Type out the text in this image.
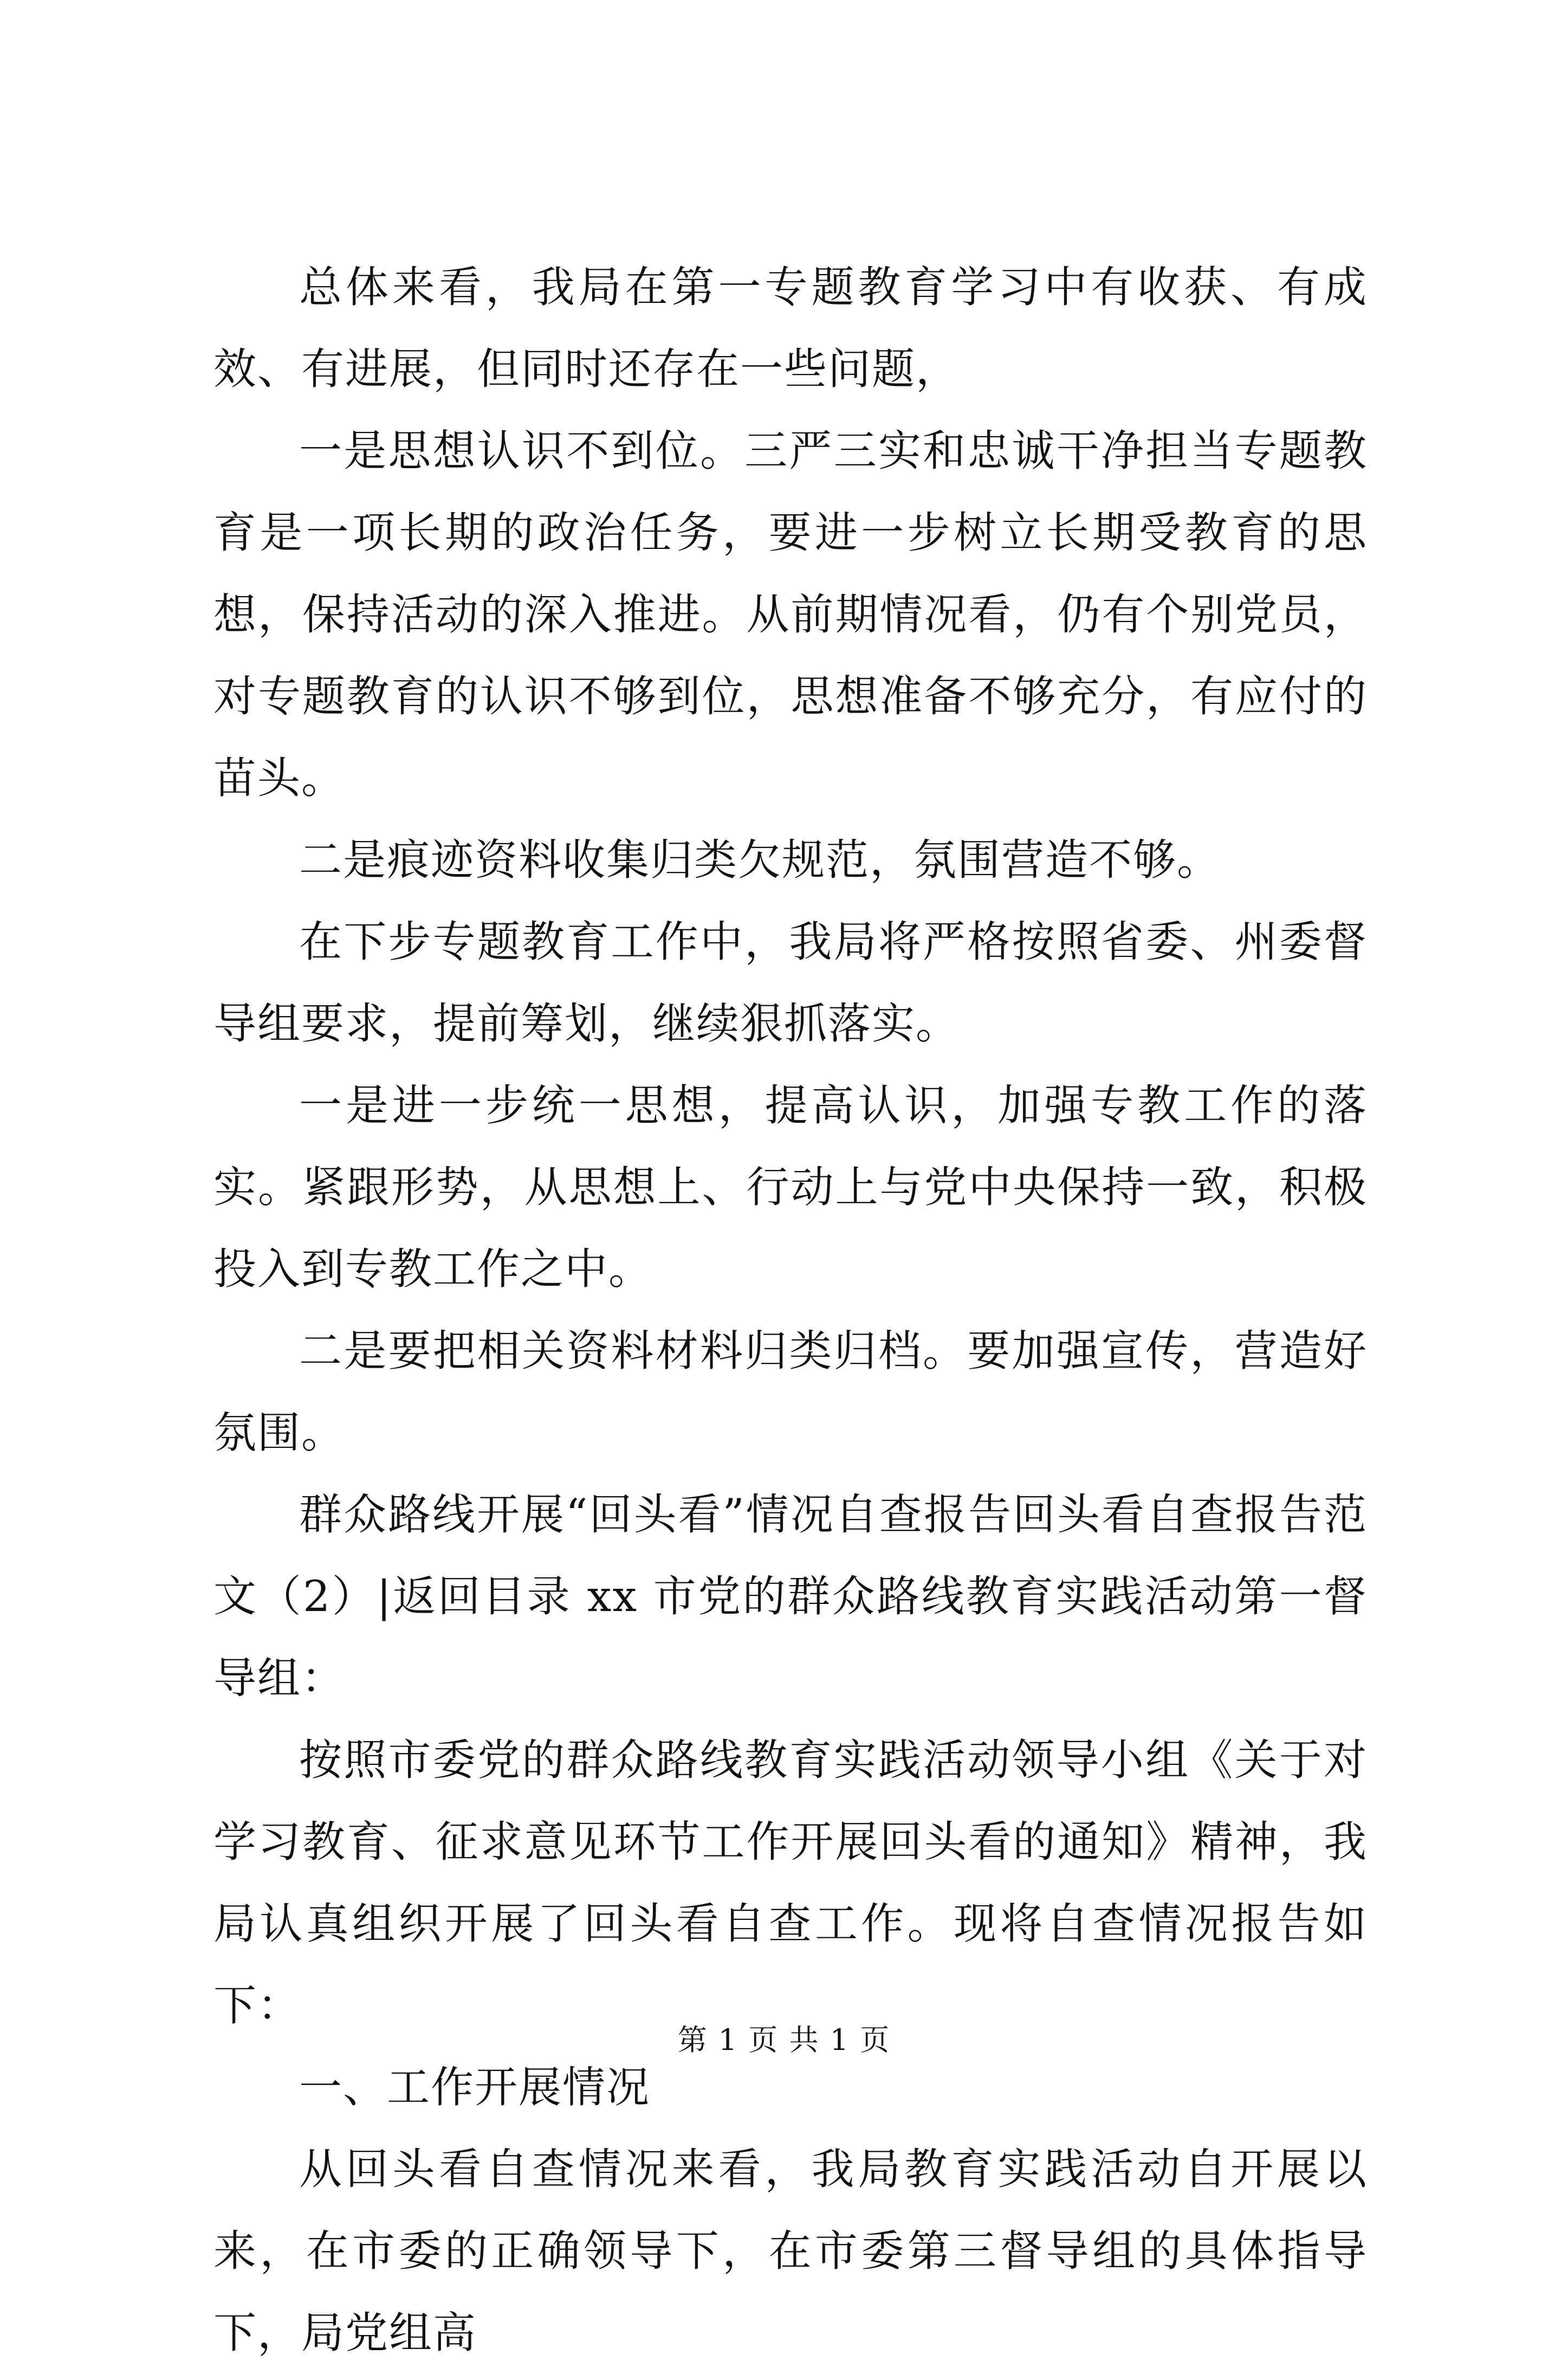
总体来看，我局在第一专题教育学习中有收获、有成效、有进展，但同时还存在一些问题，

一是思想认识不到位。三严三实和忠诚干净担当专题教育是一项长期的政治任务，要进一步树立长期受教育的思想，保持活动的深入推进。从前期情况看，仍有个别党员，对专题教育的认识不够到位，思想准备不够充分，有应付的苗头。

二是痕迹资料收集归类欠规范，氛围营造不够。

在下步专题教育工作中，我局将严格按照省委、州委督导组要求，提前筹划，继续狠抓落实。

一是进一步统一思想，提高认识，加强专教工作的落实。紧跟形势，从思想上、行动上与党中央保持一致，积极投入到专教工作之中。

二是要把相关资料材料归类归档。要加强宣传，营造好氛围。

群众路线开展“回头看”情况自查报告回头看自查报告范文（2）|返回目录 xx 市党的群众路线教育实践活动第一督导组：

按照市委党的群众路线教育实践活动领导小组《关于对学习教育、征求意见环节工作开展回头看的通知》精神，我局认真组织开展了回头看自查工作。现将自查情况报告如下：

一、工作开展情况

从回头看自查情况来看，我局教育实践活动自开展以来，在市委的正确领导下，在市委第三督导组的具体指导下，局党组高

第 1 页 共 1 页
